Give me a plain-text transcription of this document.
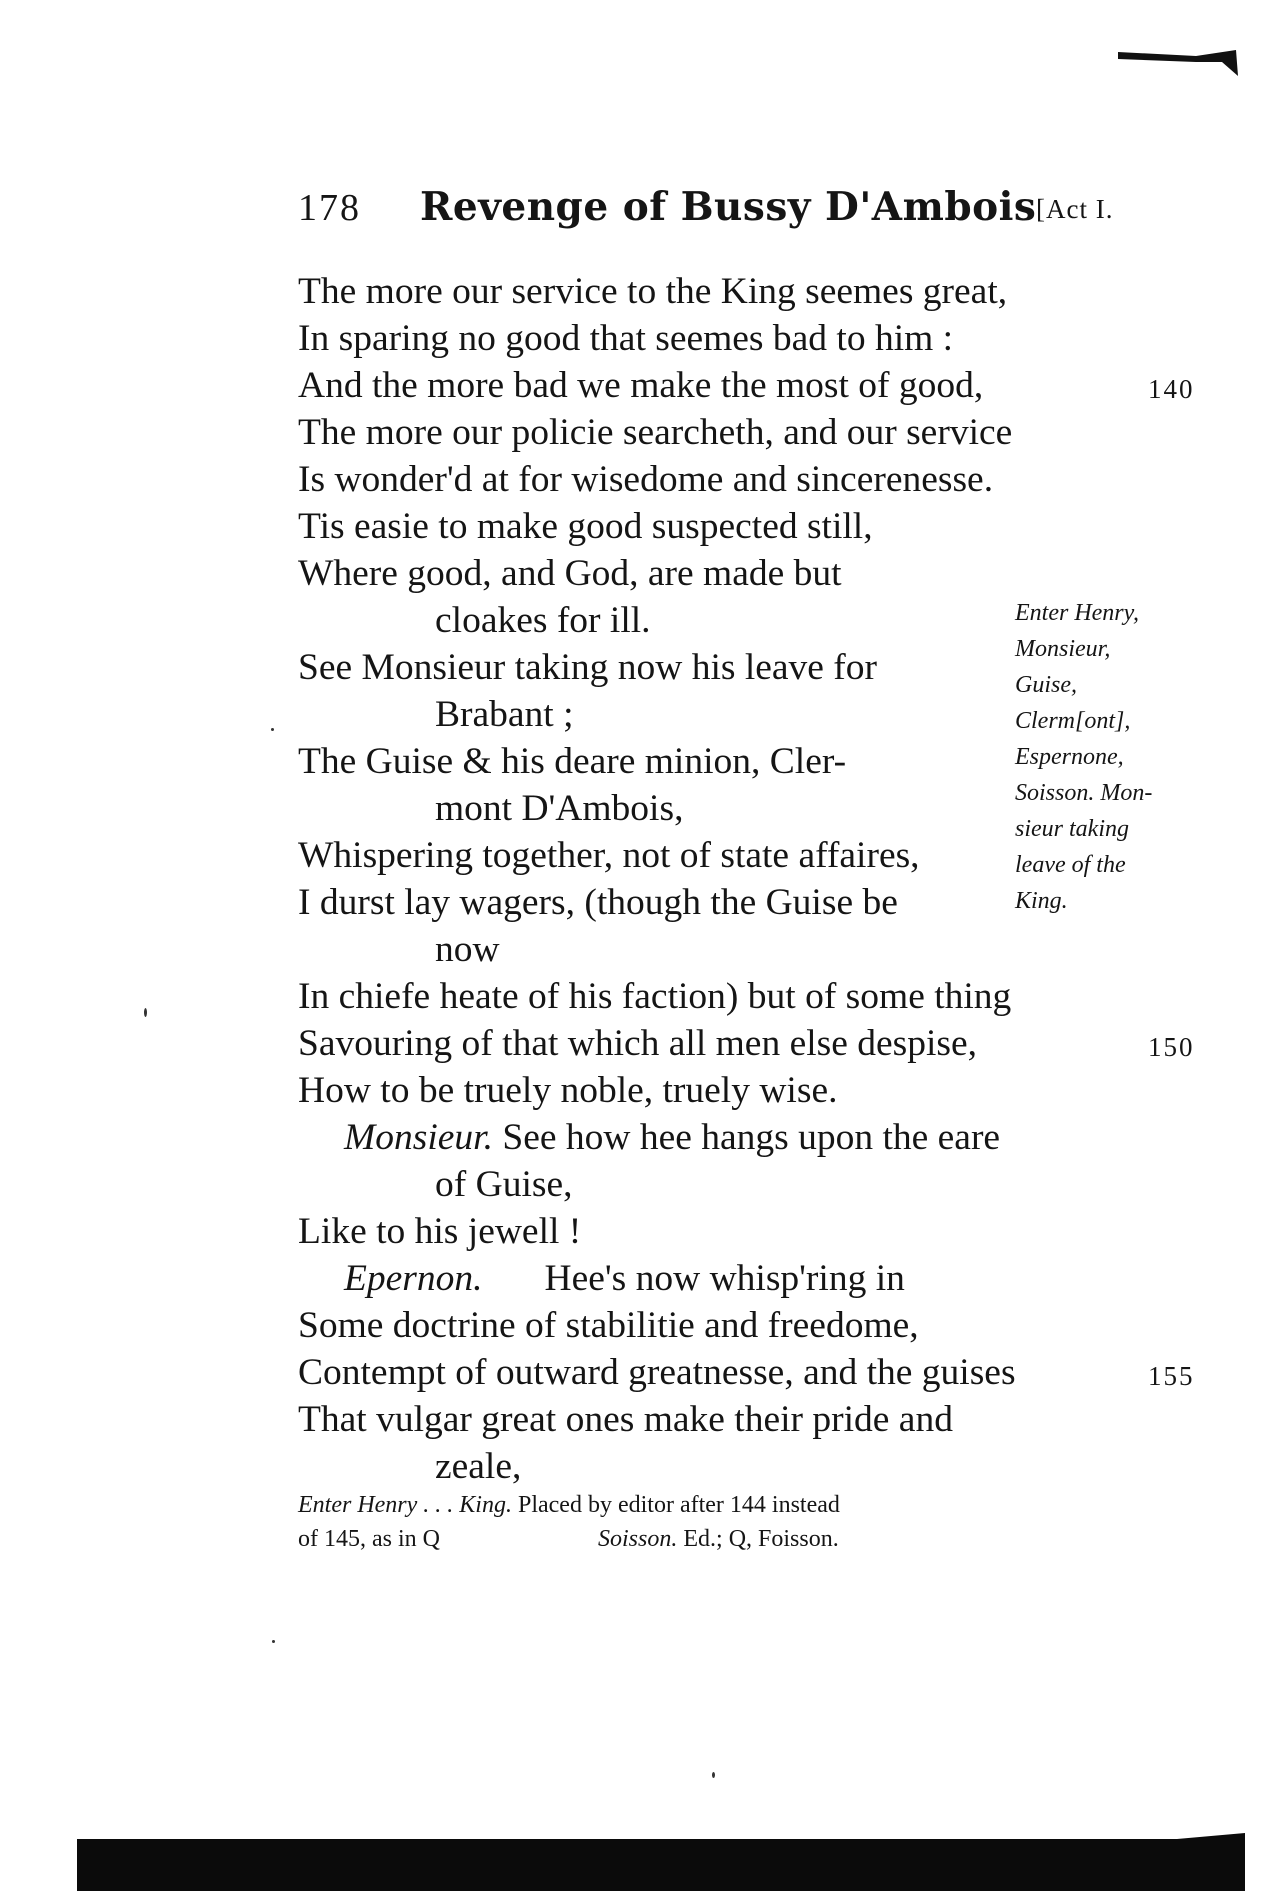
178 Revenge of Bussy D'Ambois [Act I.
The more our service to the King seemes great,
In sparing no good that seemes bad to him :
And the more bad we make the most of good,	140
The more our policie searcheth, and our service
Is wonder'd at for wisedome and sincerenesse.
Tis easie to make good suspected still,
Where good, and God, are made but
cloakes for ill.
See Monsieur taking now his leave for
Brabant ;
The Guise & his deare minion, Cler-
mont D'Ambois,
Whispering together, not of state affaires,
I durst lay wagers, (though the Guise be
now
In chiefe heate of his faction) but of some thing
Savouring of that which all men else despise,	150
How to be truely noble, truely wise.
Monsieur. See how hee hangs upon the eare
of Guise,
Like to his jewell !
Epernon. Hee's now whisp'ring in
Some doctrine of stabilitie and freedome,
Contempt of outward greatnesse, and the guises	155
That vulgar great ones make their pride and
zeale,
Enter Henry,
Monsieur,
Guise,
Clerm[ont],
Espernone,
Soisson. Mon-
sieur taking
leave of the
King.
Enter Henry . . . King. Placed by editor after 144 instead
of 145, as in Q	Soisson. Ed.; Q, Foisson.
